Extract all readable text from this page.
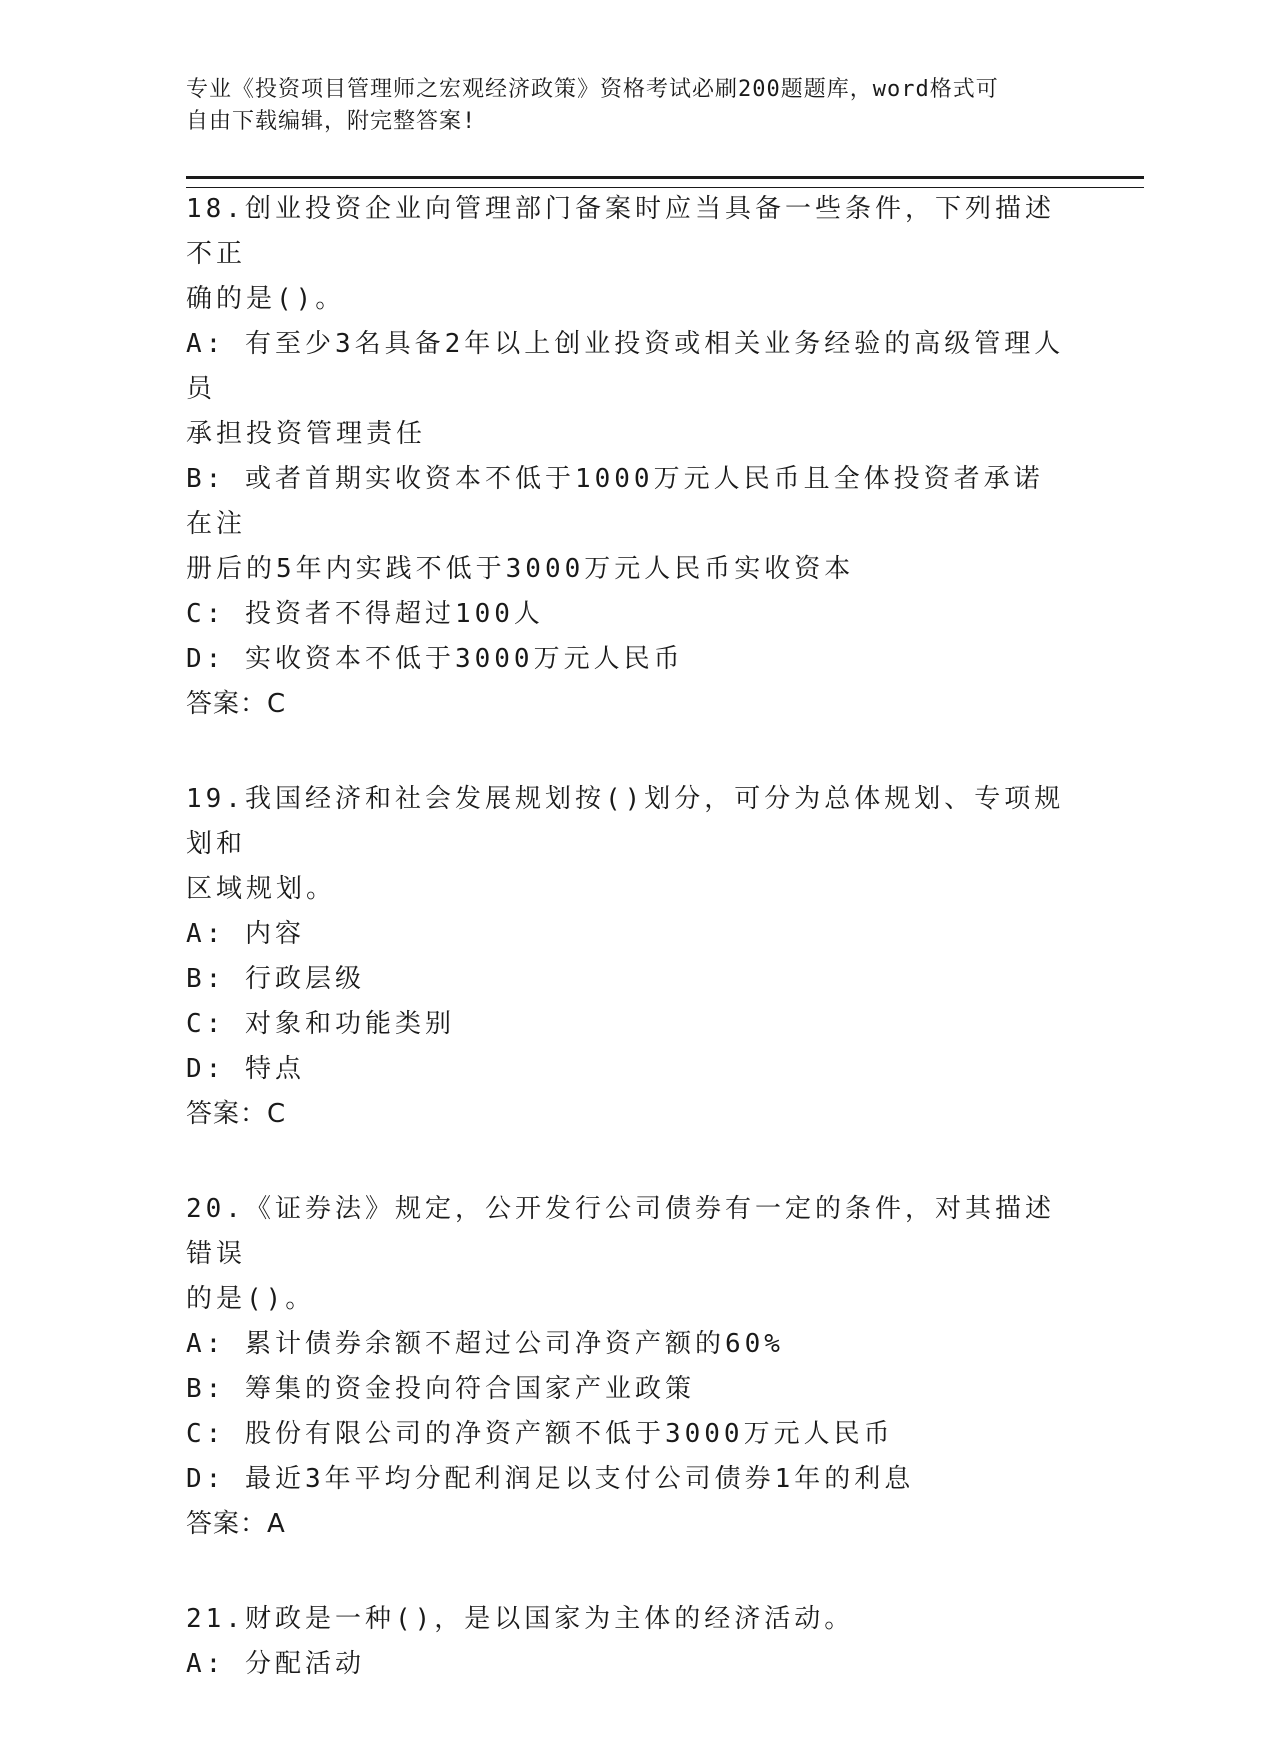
专业《投资项目管理师之宏观经济政策》资格考试必刷200题题库，word格式可
自由下载编辑，附完整答案!
18.创业投资企业向管理部门备案时应当具备一些条件，下列描述不正
确的是()。
A: 有至少3名具备2年以上创业投资或相关业务经验的高级管理人员
承担投资管理责任
B: 或者首期实收资本不低于1000万元人民币且全体投资者承诺在注
册后的5年内实践不低于3000万元人民币实收资本
C: 投资者不得超过100人
D: 实收资本不低于3000万元人民币
答案：C
19.我国经济和社会发展规划按()划分，可分为总体规划、专项规划和
区域规划。
A: 内容
B: 行政层级
C: 对象和功能类别
D: 特点
答案：C
20.《证券法》规定，公开发行公司债券有一定的条件，对其描述错误
的是()。
A: 累计债券余额不超过公司净资产额的60%
B: 筹集的资金投向符合国家产业政策
C: 股份有限公司的净资产额不低于3000万元人民币
D: 最近3年平均分配利润足以支付公司债券1年的利息
答案：A
21.财政是一种()，是以国家为主体的经济活动。
A: 分配活动
